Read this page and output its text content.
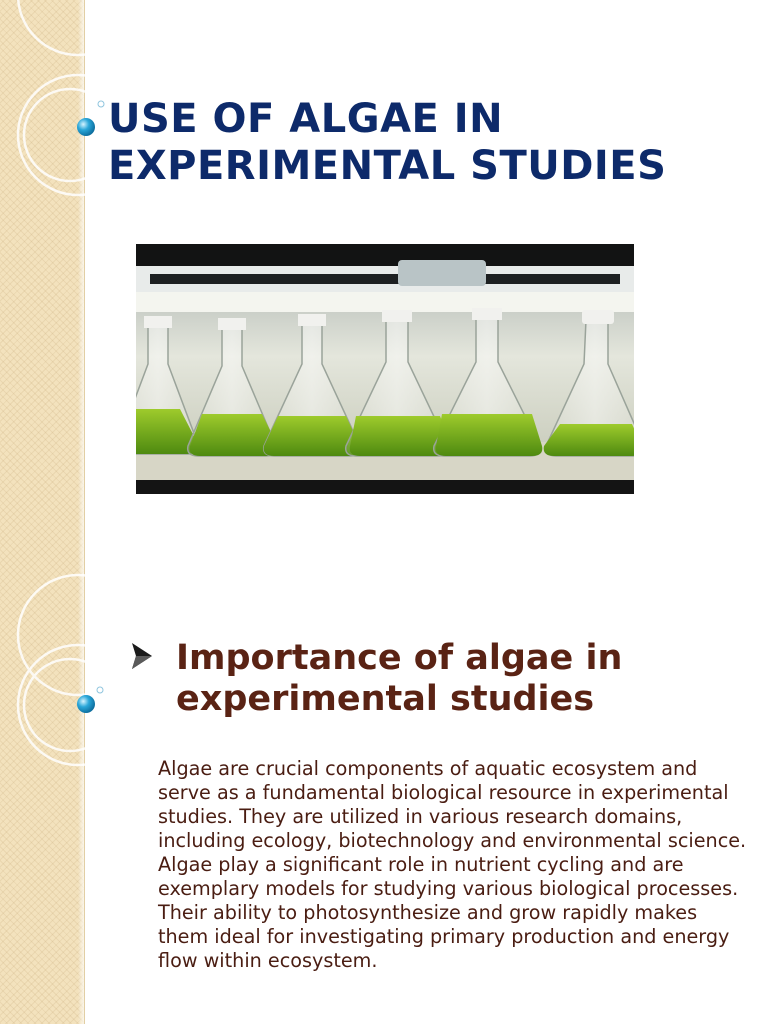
USE OF ALGAE IN
EXPERIMENTAL STUDIES
Importance of algae in
experimental studies

Algae are crucial components of aquatic ecosystem and serve as a fundamental biological resource in experimental studies. They are utilized in various research domains, including ecology, biotechnology and environmental science. Algae play a significant role in nutrient cycling and are exemplary models for studying various biological processes. Their ability to photosynthesize and grow rapidly makes them ideal for investigating primary production and energy flow within ecosystem.
